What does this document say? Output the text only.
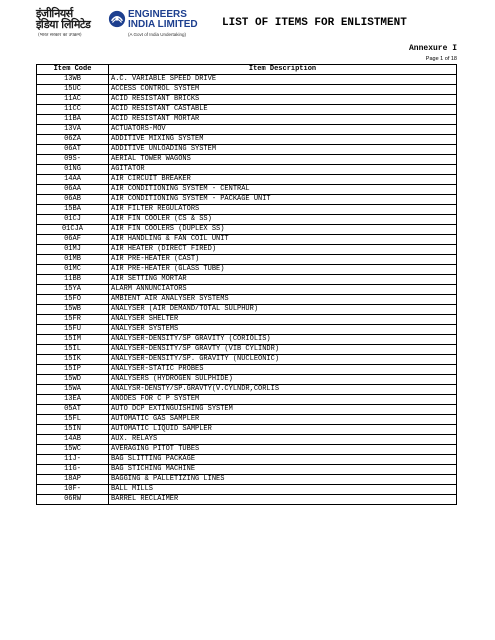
इंजीनियर्स
इंडिया लिमिटेड
(भारत सरकार का उपक्रम)
ENGINEERS
INDIA LIMITED
(A Govt of India Undertaking)
LIST OF ITEMS FOR ENLISTMENT
Annexure I
Page 1 of 18
Item Code	Item Description
13WB	A.C. VARIABLE SPEED DRIVE
15UC	ACCESS CONTROL SYSTEM
11AC	ACID RESISTANT BRICKS
11CC	ACID RESISTANT CASTABLE
11BA	ACID RESISTANT MORTAR
13VA	ACTUATORS-MOV
06ZA	ADDITIVE MIXING SYSTEM
06AT	ADDITIVE UNLOADING SYSTEM
09S-	AERIAL TOWER WAGONS
01NG	AGITATOR
14AA	AIR CIRCUIT BREAKER
06AA	AIR CONDITIONING SYSTEM - CENTRAL
06AB	AIR CONDITIONING SYSTEM - PACKAGE UNIT
15BA	AIR FILTER REGULATORS
01CJ	AIR FIN COOLER (CS & SS)
01CJA	AIR FIN COOLERS (DUPLEX SS)
06AF	AIR HANDLING & FAN COIL UNIT
01MJ	AIR HEATER (DIRECT FIRED)
01MB	AIR PRE-HEATER (CAST)
01MC	AIR PRE-HEATER (GLASS TUBE)
11BB	AIR SETTING MORTAR
15YA	ALARM ANNUNCIATORS
15FO	AMBIENT AIR ANALYSER SYSTEMS
15WB	ANALYSER (AIR DEMAND/TOTAL SULPHUR)
15FR	ANALYSER SHELTER
15FU	ANALYSER SYSTEMS
15IM	ANALYSER-DENSITY/SP GRAVITY (CORIOLIS)
15IL	ANALYSER-DENSITY/SP GRAVTY (VIB CYLINDR)
15IK	ANALYSER-DENSITY/SP. GRAVITY (NUCLEONIC)
15IP	ANALYSER-STATIC PROBES
15WD	ANALYSERS (HYDROGEN SULPHIDE)
15WA	ANALYSR-DENSTY/SP.GRAVTY(V.CYLNDR,CORLIS
13EA	ANODES FOR C P SYSTEM
05AT	AUTO DCP EXTINGUISHING SYSTEM
15FL	AUTOMATIC GAS SAMPLER
15IN	AUTOMATIC LIQUID SAMPLER
14AB	AUX. RELAYS
15WC	AVERAGING PITOT TUBES
11J-	BAG SLITTING PACKAGE
11G-	BAG STICHING MACHINE
18AP	BAGGING & PALLETIZING LINES
10F-	BALL MILLS
06RW	BARREL RECLAIMER
